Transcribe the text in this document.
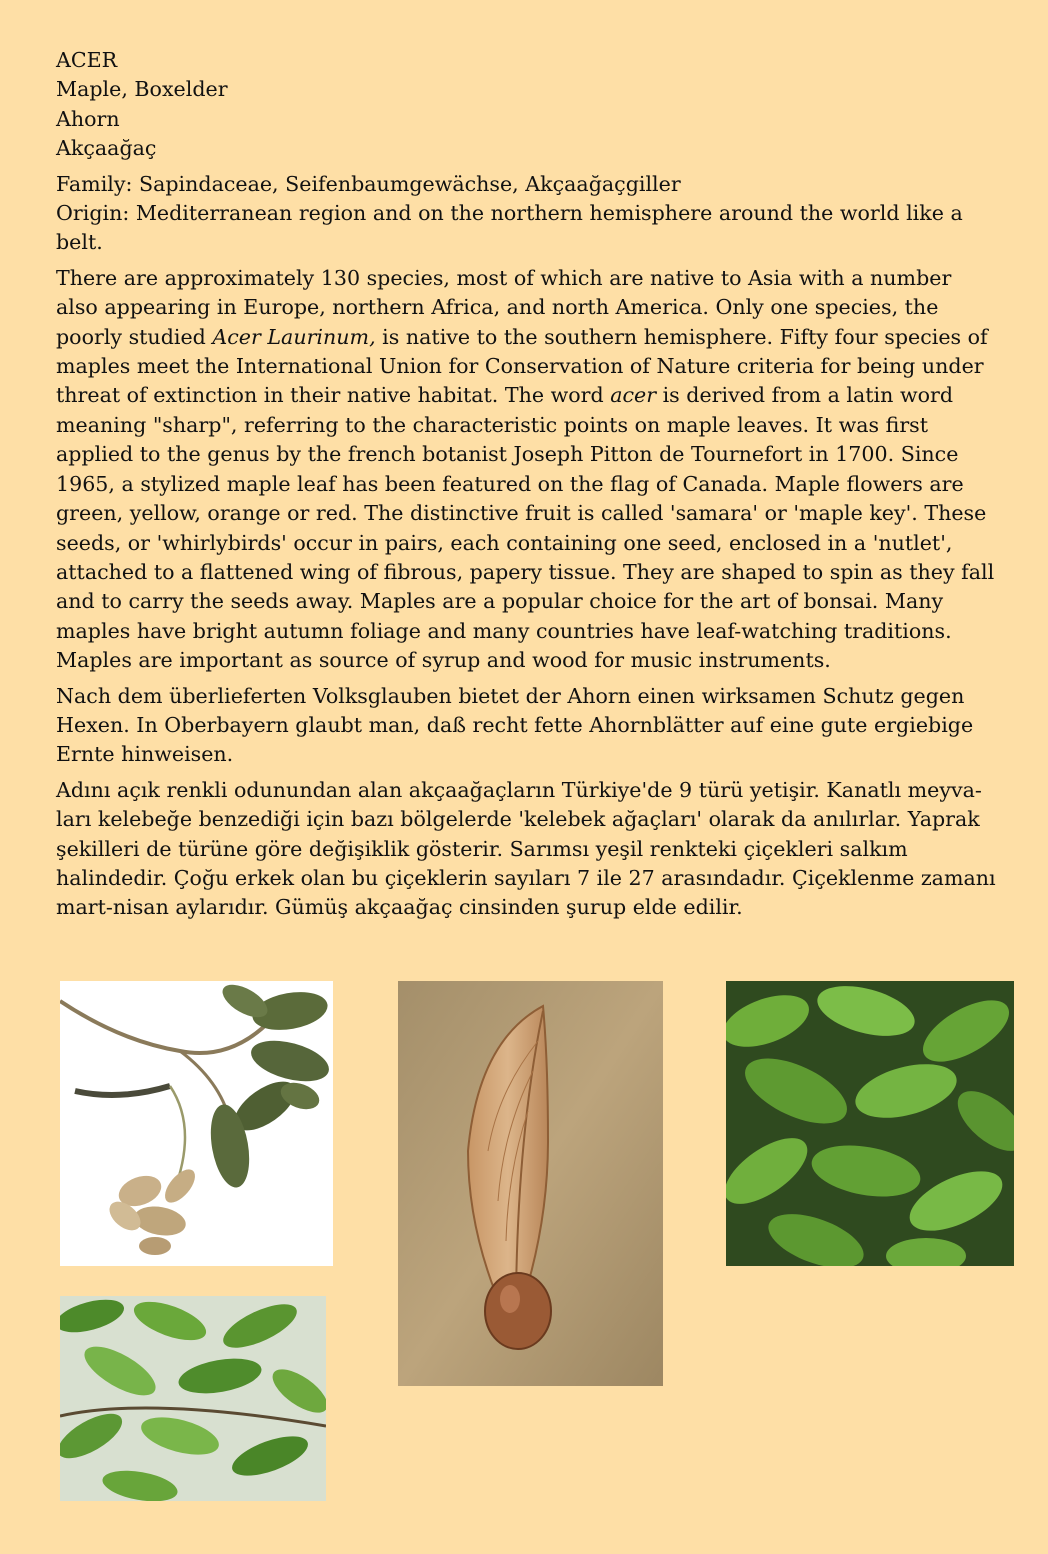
ACER
Maple, Boxelder
Ahorn
Akçaağaç
Family: Sapindaceae, Seifenbaumgewächse, Akçaağaçgiller
Origin: Mediterranean region and on the northern hemisphere around the world like a belt.
There are approximately 130 species, most of which are native to Asia with a number also appearing in Europe, northern Africa, and north America. Only one species, the poorly studied Acer Laurinum, is native to the southern hemisphere. Fifty four species of maples meet the International Union for Conservation of Nature criteria for being under threat of extinction in their native habitat. The word acer is derived from a latin word meaning "sharp", referring to the characteristic points on maple leaves. It was first applied to the genus by the french botanist Joseph Pitton de Tournefort in 1700. Since 1965, a stylized maple leaf has been featured on the flag of Canada. Maple flowers are green, yellow, orange or red. The distinctive fruit is called 'samara' or 'maple key'. These seeds, or 'whirlybirds' occur in pairs, each containing one seed, enclosed in a 'nutlet', attached to a flattened wing of fibrous, papery tissue. They are shaped to spin as they fall and to carry the seeds away. Maples are a popular choice for the art of bonsai. Many maples have bright autumn foliage and many countries have leaf-watching traditions. Maples are important as source of syrup and wood for music instruments.
Nach dem überlieferten Volksglauben bietet der Ahorn einen wirksamen Schutz gegen Hexen. In Oberbayern glaubt man, daß recht fette Ahornblätter auf eine gute ergiebige Ernte hinweisen.
Adını açık renkli odunundan alan akçaağaçların Türkiye'de 9 türü yetişir. Kanatlı meyva-ları kelebeğe benzediği için bazı bölgelerde 'kelebek ağaçları' olarak da anılırlar. Yaprak şekilleri de türüne göre değişiklik gösterir. Sarımsı yeşil renkteki çiçekleri salkım halindedir. Çoğu erkek olan bu çiçeklerin sayıları 7 ile 27 arasındadır. Çiçeklenme zamanı mart-nisan aylarıdır. Gümüş akçaağaç cinsinden şurup elde edilir.
